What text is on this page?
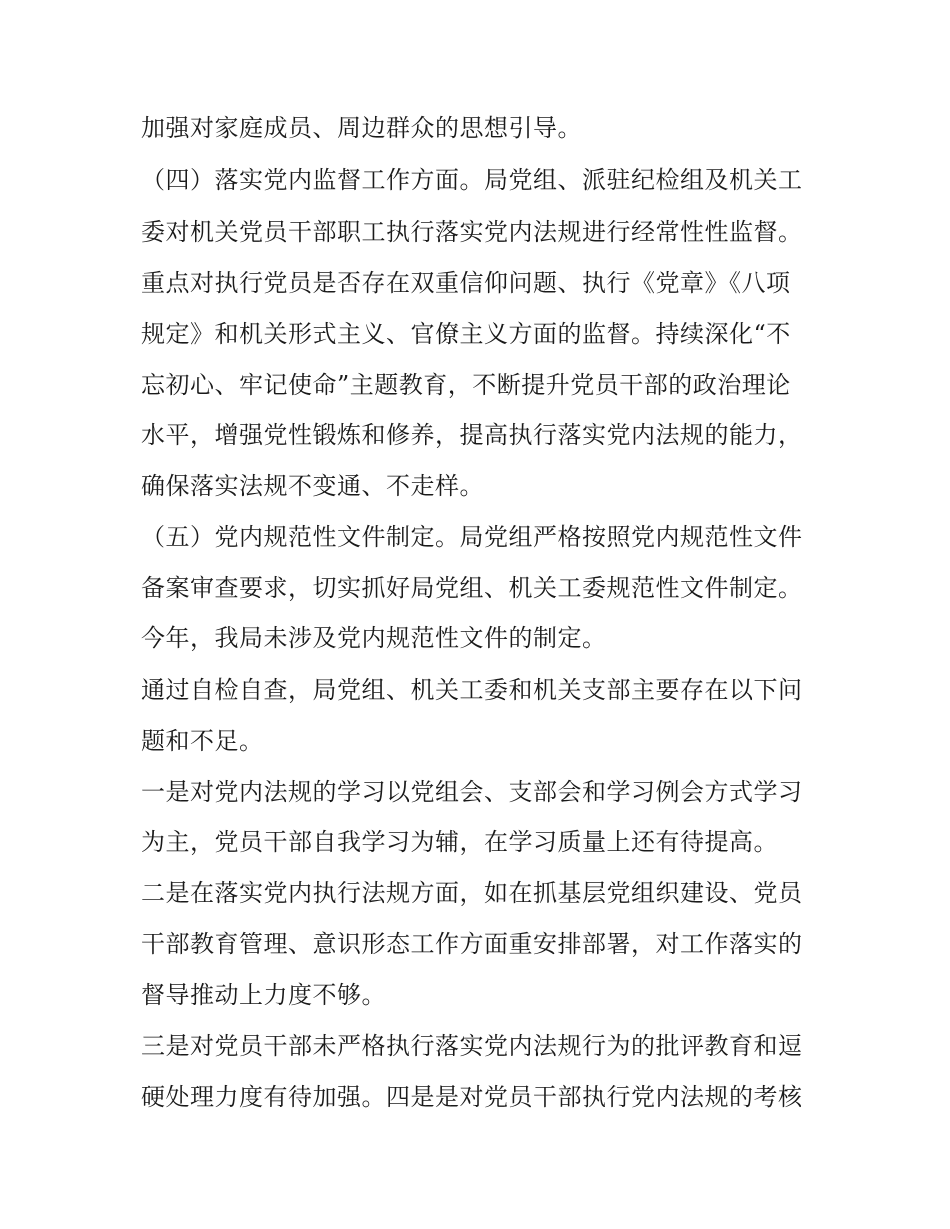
加强对家庭成员、周边群众的思想引导。
（四）落实党内监督工作方面。局党组、派驻纪检组及机关工
委对机关党员干部职工执行落实党内法规进行经常性性监督。
重点对执行党员是否存在双重信仰问题、执行《党章》《八项
规定》和机关形式主义、官僚主义方面的监督。持续深化“不
忘初心、牢记使命”主题教育，不断提升党员干部的政治理论
水平，增强党性锻炼和修养，提高执行落实党内法规的能力，
确保落实法规不变通、不走样。
（五）党内规范性文件制定。局党组严格按照党内规范性文件
备案审查要求，切实抓好局党组、机关工委规范性文件制定。
今年，我局未涉及党内规范性文件的制定。
通过自检自查，局党组、机关工委和机关支部主要存在以下问
题和不足。
一是对党内法规的学习以党组会、支部会和学习例会方式学习
为主，党员干部自我学习为辅，在学习质量上还有待提高。
二是在落实党内执行法规方面，如在抓基层党组织建设、党员
干部教育管理、意识形态工作方面重安排部署，对工作落实的
督导推动上力度不够。
三是对党员干部未严格执行落实党内法规行为的批评教育和逗
硬处理力度有待加强。四是是对党员干部执行党内法规的考核
